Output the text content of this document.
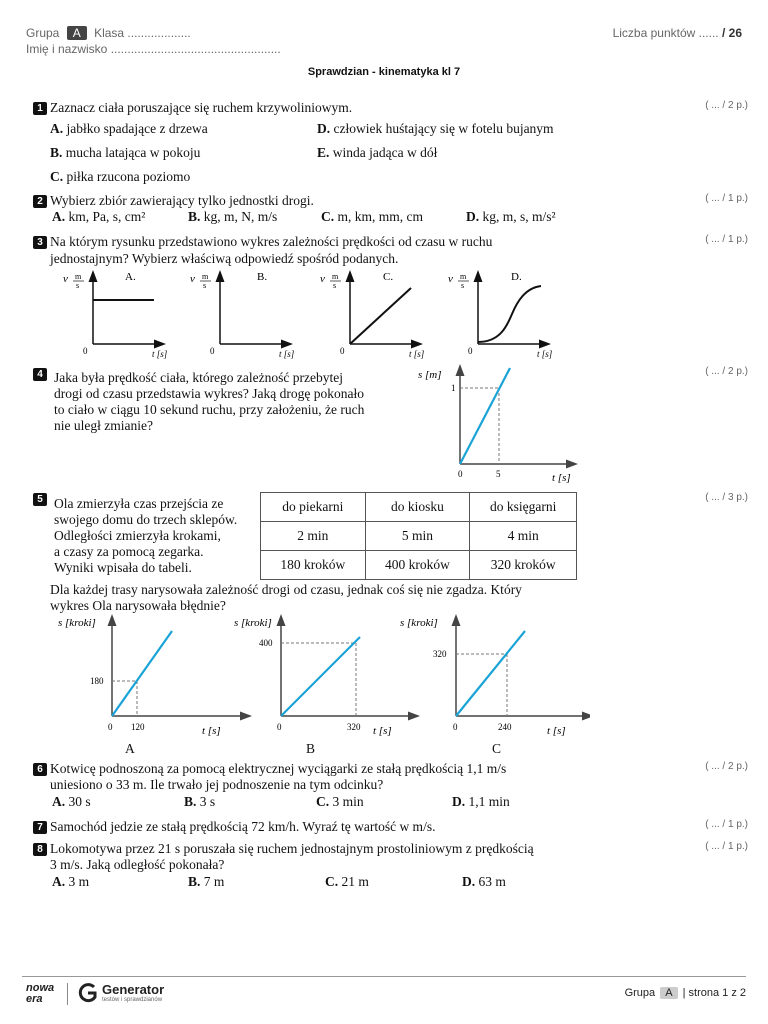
Grupa A Klasa ...................
Imię i nazwisko ...................................................
Liczba punktów ...... / 26
Sprawdzian - kinematyka kl 7
1 Zaznacz ciała poruszające się ruchem krzywoliniowym.	( ... / 2 p.)
A. jabłko spadające z drzewa	D. człowiek huśtający się w fotelu bujanym
B. mucha latająca w pokoju	E. winda jadąca w dół
C. piłka rzucona poziomo
2 Wybierz zbiór zawierający tylko jednostki drogi.	( ... / 1 p.)
A. km, Pa, s, cm²	B. kg, m, N, m/s	C. m, km, mm, cm	D. kg, m, s, m/s²
3 Na którym rysunku przedstawiono wykres zależności prędkości od czasu w ruchu
jednostajnym? Wybierz właściwą odpowiedź spośród podanych.
( ... / 1 p.)
v m
s
A.
0	t [s]
v m
s
B.
0	t [s]
v m
s
C.
0	t [s]
v m
s
D.
0	t [s]
4 Jaka była prędkość ciała, którego zależność przebytej
drogi od czasu przedstawia wykres? Jaką drogę pokonało
to ciało w ciągu 10 sekund ruchu, przy założeniu, że ruch
nie uległ zmianie?
( ... / 2 p.)
s [m]
1
5
0	t [s]
5 Ola zmierzyła czas przejścia ze
swojego domu do trzech sklepów.
Odległości zmierzyła krokami,
a czasy za pomocą zegarka.
Wyniki wpisała do tabeli.
( ... / 3 p.)
do piekarni	do kiosku	do księgarni
2 min	5 min	4 min
180 kroków	400 kroków	320 kroków
Dla każdej trasy narysowała zależność drogi od czasu, jednak coś się nie zgadza. Który
wykres Ola narysowała błędnie?
s [kroki]
180
120
0	t [s]
s [kroki]
400
320
0	t [s]
s [kroki]
320
240
0	t [s]
A	B	C
6 Kotwicę podnoszoną za pomocą elektrycznej wyciągarki ze stałą prędkością 1,1 m/s
uniesiono o 33 m. Ile trwało jej podnoszenie na tym odcinku?
( ... / 2 p.)
A. 30 s	B. 3 s	C. 3 min	D. 1,1 min
7 Samochód jedzie ze stałą prędkością 72 km/h. Wyraź tę wartość w m/s.	( ... / 1 p.)
8 Lokomotywa przez 21 s poruszała się ruchem jednostajnym prostoliniowym z prędkością
3 m/s. Jaką odległość pokonała?
( ... / 1 p.)
A. 3 m	B. 7 m	C. 21 m	D. 63 m
nowa
era
Generator
testów i sprawdzianów
Grupa A | strona 1 z 2
